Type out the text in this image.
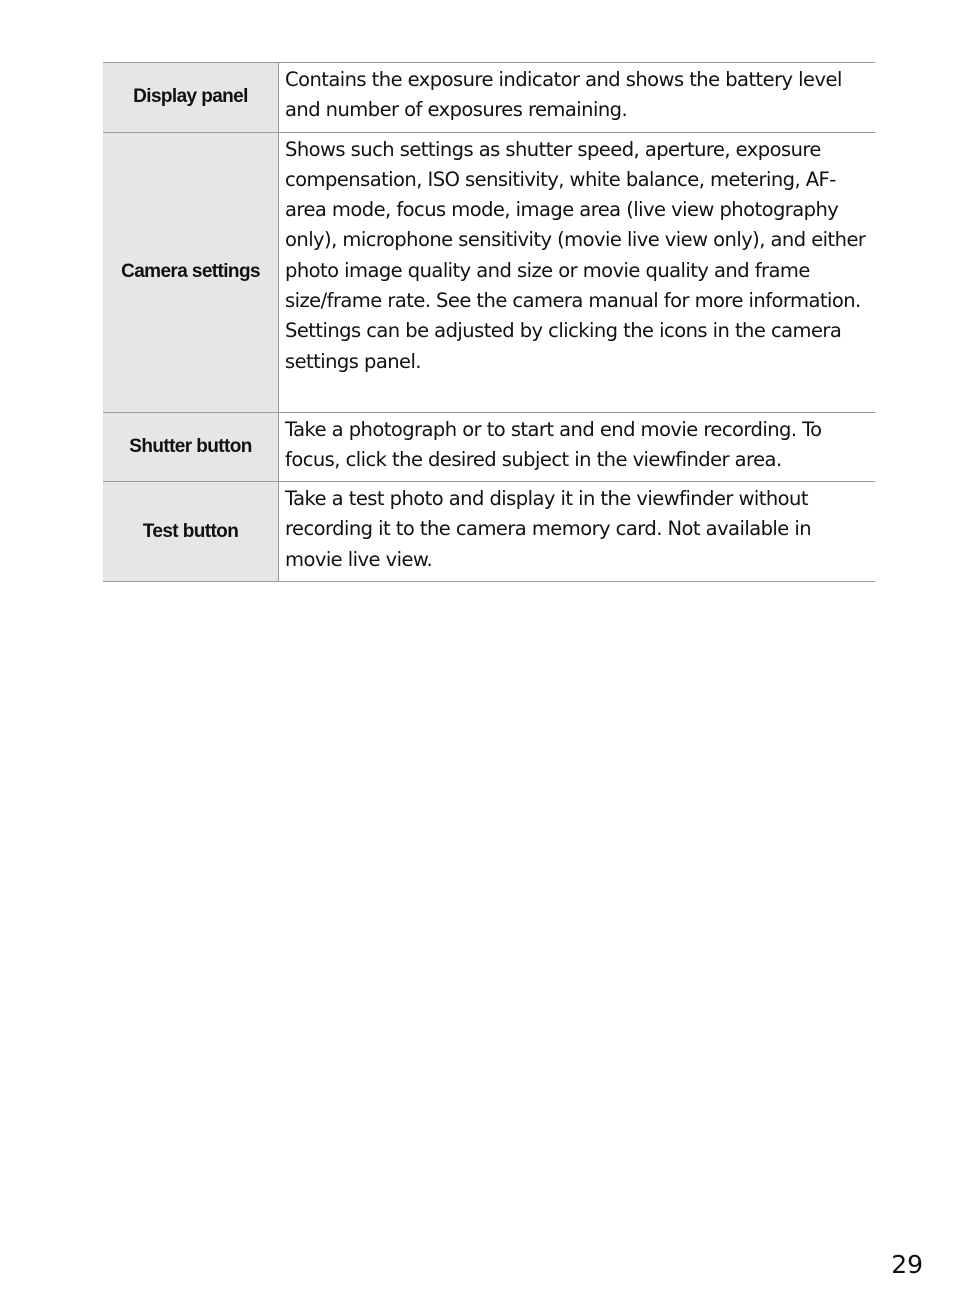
Display panel	Contains the exposure indicator and shows the battery level and number of exposures remaining.
Camera settings	Shows such settings as shutter speed, aperture, exposure compensation, ISO sensitivity, white balance, metering, AF-area mode, focus mode, image area (live view photography only), microphone sensitivity (movie live view only), and either photo image quality and size or movie quality and frame size/frame rate. See the camera manual for more information. Settings can be adjusted by clicking the icons in the camera settings panel.
Shutter button	Take a photograph or to start and end movie recording. To focus, click the desired subject in the viewfinder area.
Test button	Take a test photo and display it in the viewfinder without recording it to the camera memory card. Not available in movie live view.
29
